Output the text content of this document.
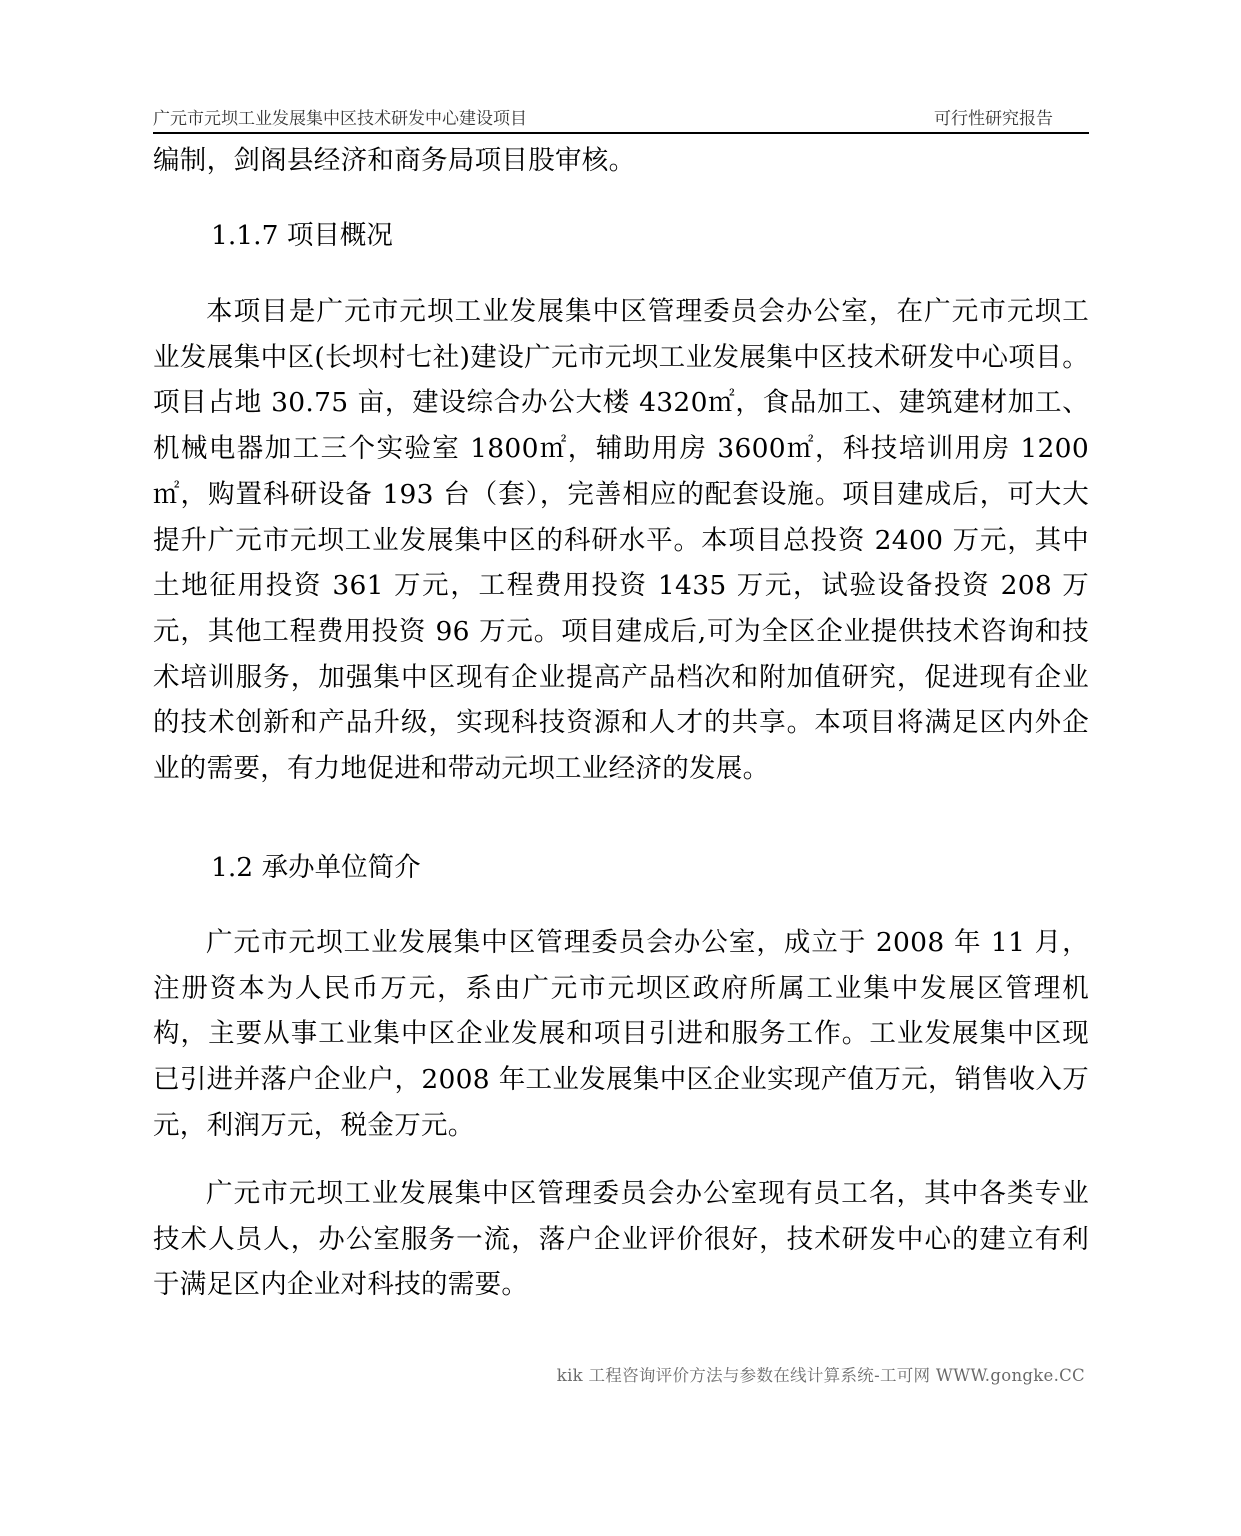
广元市元坝工业发展集中区技术研发中心建设项目	可行性研究报告

编制，剑阁县经济和商务局项目股审核。

1.1.7 项目概况

本项目是广元市元坝工业发展集中区管理委员会办公室，在广元市元坝工业发展集中区(长坝村七社)建设广元市元坝工业发展集中区技术研发中心项目。项目占地 30.75 亩，建设综合办公大楼 4320㎡，食品加工、建筑建材加工、机械电器加工三个实验室 1800㎡，辅助用房 3600㎡，科技培训用房 1200㎡，购置科研设备 193 台（套），完善相应的配套设施。项目建成后，可大大提升广元市元坝工业发展集中区的科研水平。本项目总投资 2400 万元，其中土地征用投资 361 万元，工程费用投资 1435 万元，试验设备投资 208 万元，其他工程费用投资 96 万元。项目建成后,可为全区企业提供技术咨询和技术培训服务，加强集中区现有企业提高产品档次和附加值研究，促进现有企业的技术创新和产品升级，实现科技资源和人才的共享。本项目将满足区内外企业的需要，有力地促进和带动元坝工业经济的发展。

1.2 承办单位简介

广元市元坝工业发展集中区管理委员会办公室，成立于 2008 年 11 月，注册资本为人民币万元，系由广元市元坝区政府所属工业集中发展区管理机构，主要从事工业集中区企业发展和项目引进和服务工作。工业发展集中区现已引进并落户企业户，2008 年工业发展集中区企业实现产值万元，销售收入万元，利润万元，税金万元。

广元市元坝工业发展集中区管理委员会办公室现有员工名，其中各类专业技术人员人，办公室服务一流，落户企业评价很好，技术研发中心的建立有利于满足区内企业对科技的需要。

kik 工程咨询评价方法与参数在线计算系统-工可网 WWW.gongke.CC
